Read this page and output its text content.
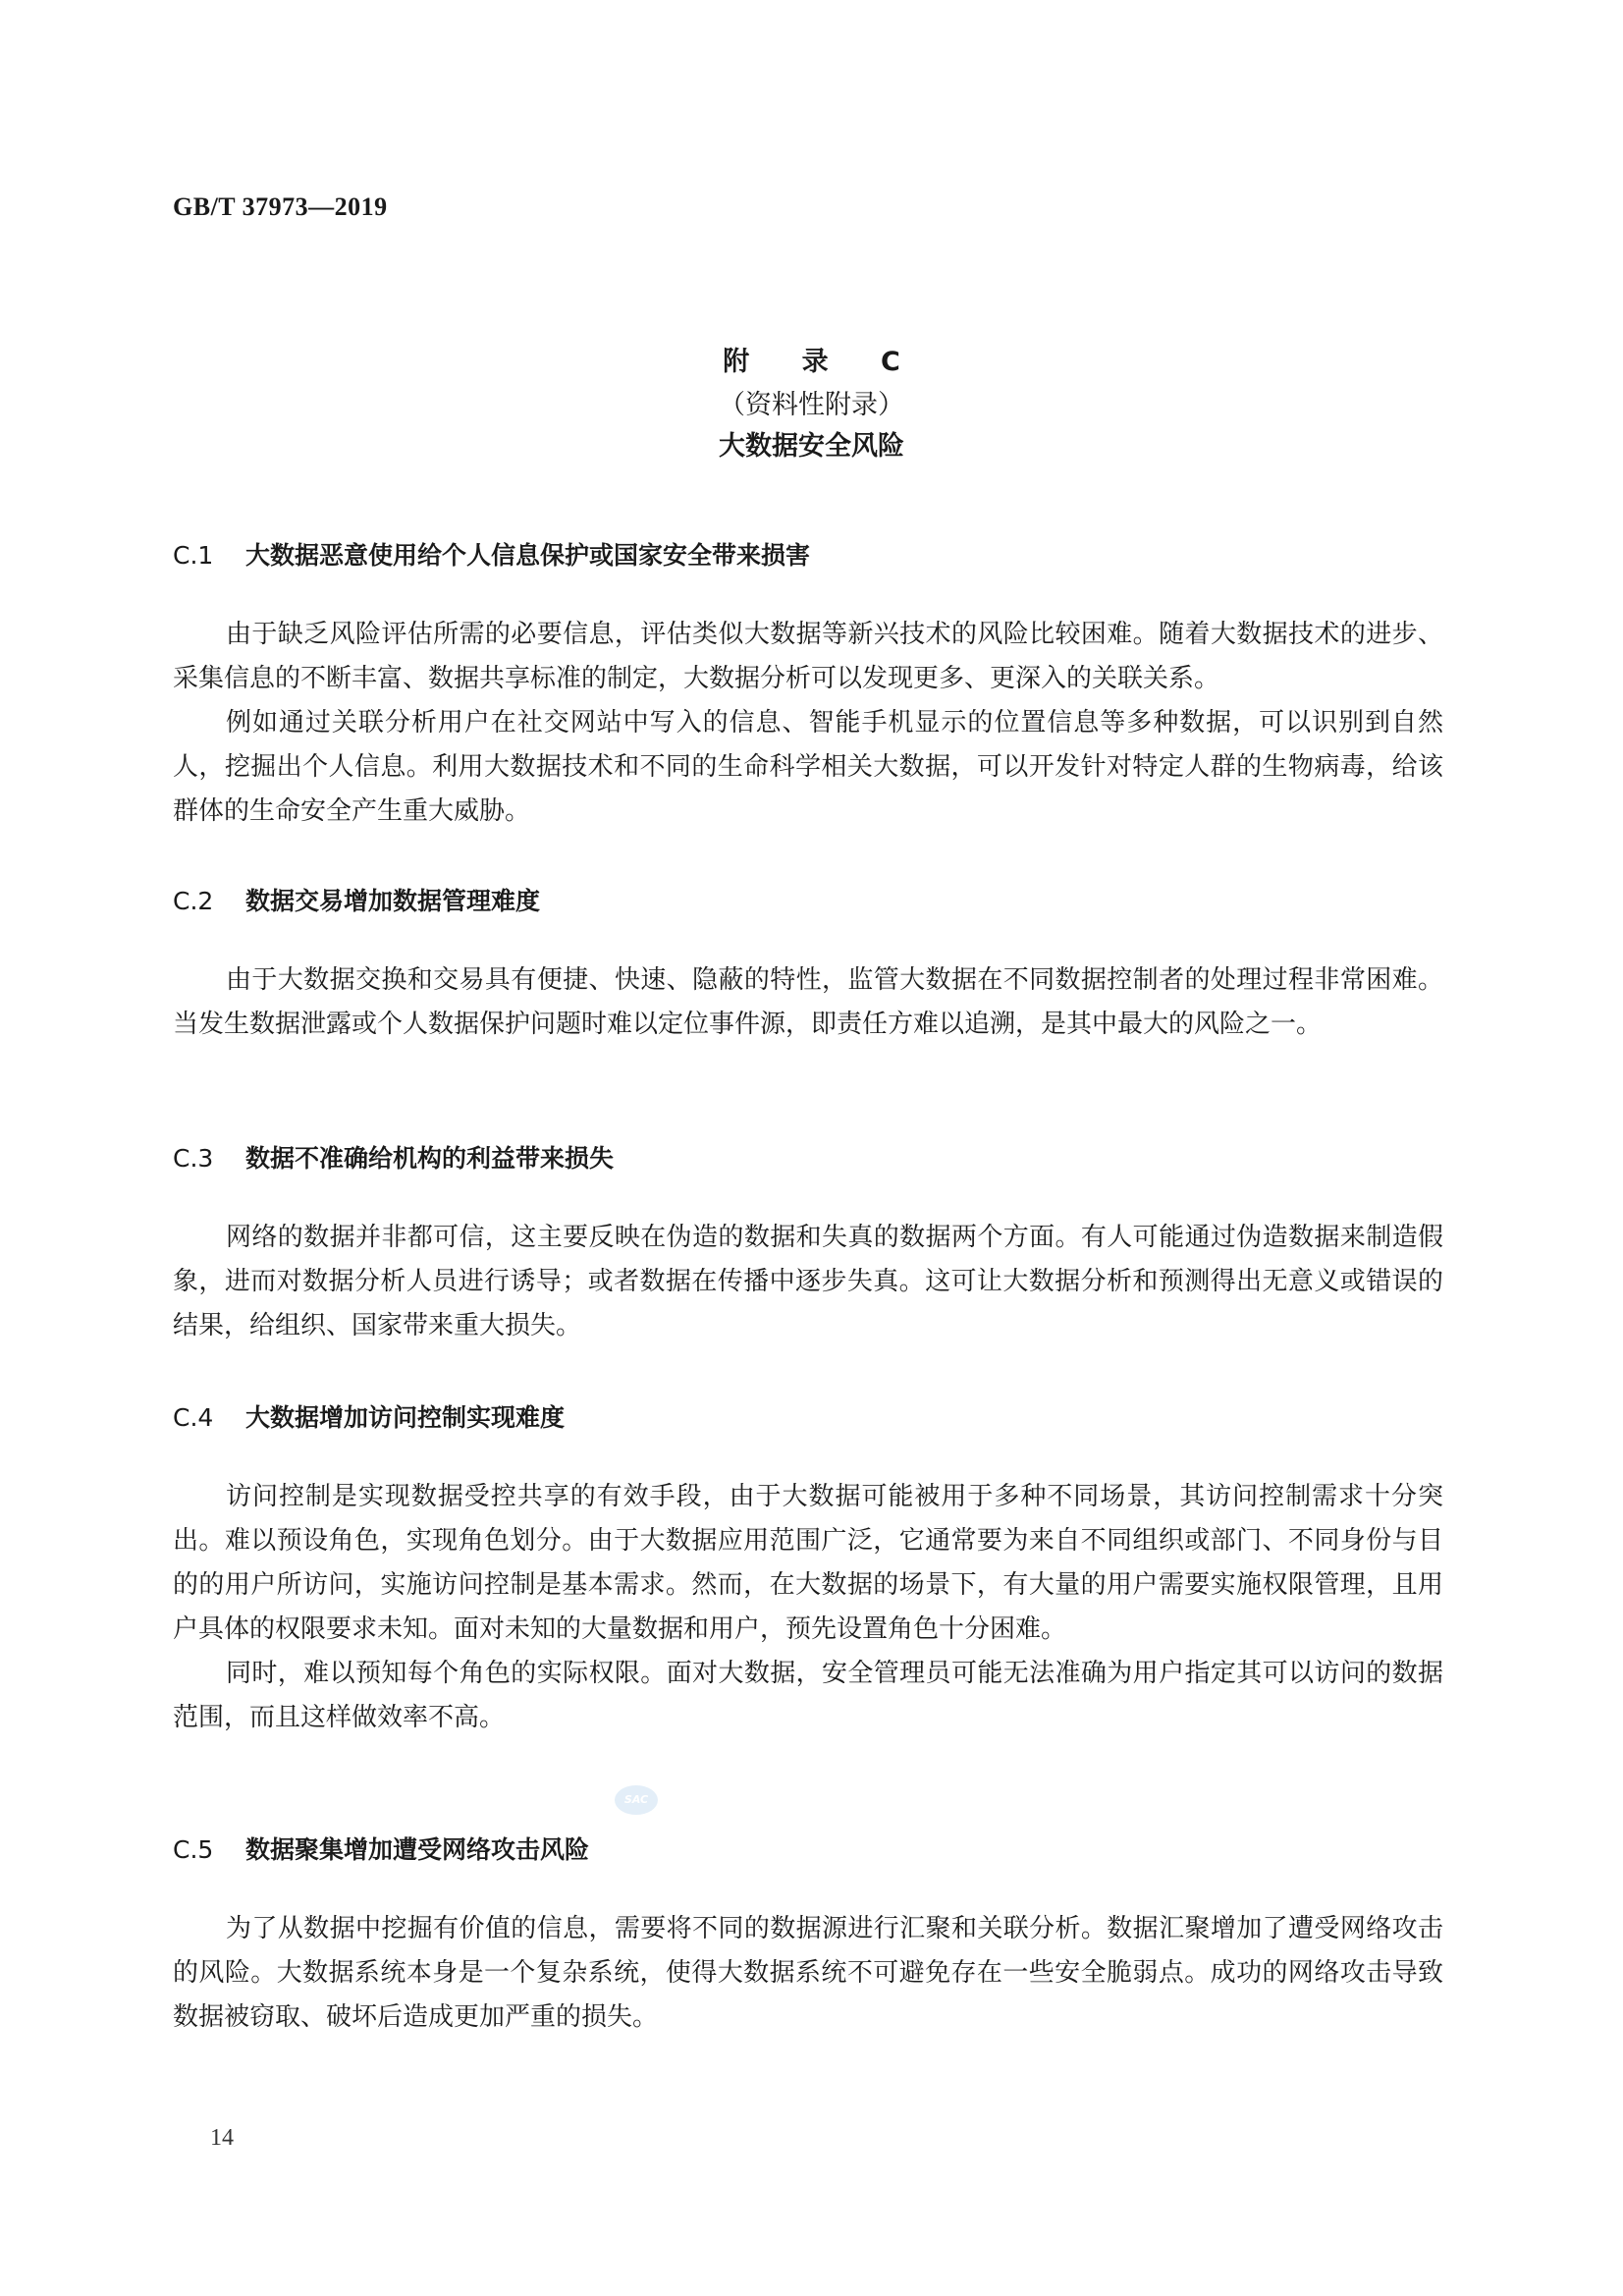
GB/T 37973—2019
附 录 C
（资料性附录）
大数据安全风险
C.1 大数据恶意使用给个人信息保护或国家安全带来损害

由于缺乏风险评估所需的必要信息，评估类似大数据等新兴技术的风险比较困难。随着大数据技术的进步、采集信息的不断丰富、数据共享标准的制定，大数据分析可以发现更多、更深入的关联关系。

例如通过关联分析用户在社交网站中写入的信息、智能手机显示的位置信息等多种数据，可以识别到自然人，挖掘出个人信息。利用大数据技术和不同的生命科学相关大数据，可以开发针对特定人群的生物病毒，给该群体的生命安全产生重大威胁。

C.2 数据交易增加数据管理难度

由于大数据交换和交易具有便捷、快速、隐蔽的特性，监管大数据在不同数据控制者的处理过程非常困难。当发生数据泄露或个人数据保护问题时难以定位事件源，即责任方难以追溯，是其中最大的风险之一。

C.3 数据不准确给机构的利益带来损失

网络的数据并非都可信，这主要反映在伪造的数据和失真的数据两个方面。有人可能通过伪造数据来制造假象，进而对数据分析人员进行诱导；或者数据在传播中逐步失真。这可让大数据分析和预测得出无意义或错误的结果，给组织、国家带来重大损失。

C.4 大数据增加访问控制实现难度

访问控制是实现数据受控共享的有效手段，由于大数据可能被用于多种不同场景，其访问控制需求十分突出。难以预设角色，实现角色划分。由于大数据应用范围广泛，它通常要为来自不同组织或部门、不同身份与目的的用户所访问，实施访问控制是基本需求。然而，在大数据的场景下，有大量的用户需要实施权限管理，且用户具体的权限要求未知。面对未知的大量数据和用户，预先设置角色十分困难。

同时，难以预知每个角色的实际权限。面对大数据，安全管理员可能无法准确为用户指定其可以访问的数据范围，而且这样做效率不高。

SAC
C.5 数据聚集增加遭受网络攻击风险

为了从数据中挖掘有价值的信息，需要将不同的数据源进行汇聚和关联分析。数据汇聚增加了遭受网络攻击的风险。大数据系统本身是一个复杂系统，使得大数据系统不可避免存在一些安全脆弱点。成功的网络攻击导致数据被窃取、破坏后造成更加严重的损失。

14
